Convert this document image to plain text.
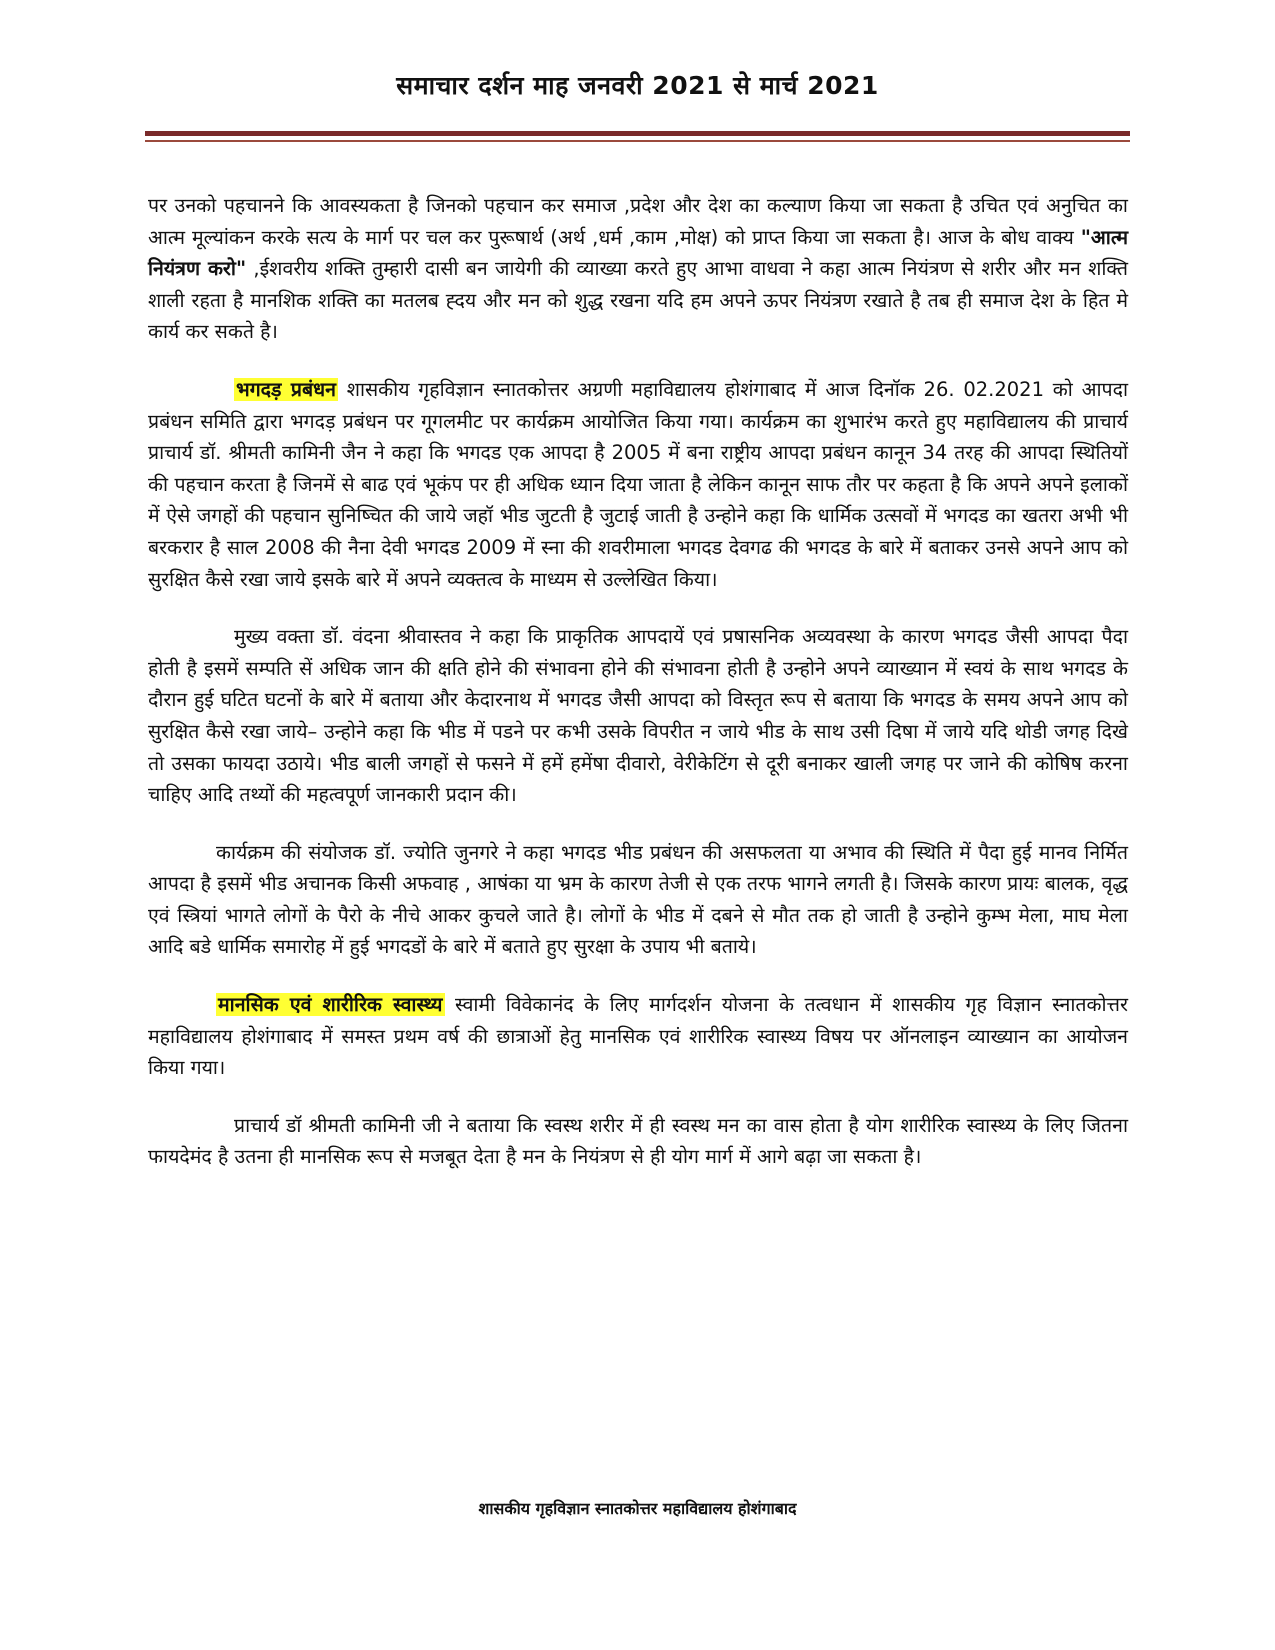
समाचार दर्शन माह जनवरी 2021 से मार्च 2021

पर उनको पहचानने कि आवस्यकता है जिनको पहचान कर समाज ,प्रदेश और देश का कल्याण किया जा सकता है उचित एवं अनुचित का आत्म मूल्यांकन करके सत्य के मार्ग पर चल कर पुरूषार्थ (अर्थ ,धर्म ,काम ,मोक्ष) को प्राप्त किया जा सकता है। आज के बोध वाक्य "आत्म नियंत्रण करो" ,ईशवरीय शक्ति तुम्हारी दासी बन जायेगी की व्याख्या करते हुए आभा वाधवा ने कहा आत्म नियंत्रण से शरीर और मन शक्ति शाली रहता है मानशिक शक्ति का मतलब ह्दय और मन को शुद्ध रखना यदि हम अपने ऊपर नियंत्रण रखाते है तब ही समाज देश के हित मे कार्य कर सकते है।

भगदड़ प्रबंधन शासकीय गृहविज्ञान स्नातकोत्तर अग्रणी महाविद्यालय होशंगाबाद में आज दिनॉक 26. 02.2021 को आपदा प्रबंधन समिति द्वारा भगदड़ प्रबंधन पर गूगलमीट पर कार्यक्रम आयोजित किया गया। कार्यक्रम का शुभारंभ करते हुए महाविद्यालय की प्राचार्य प्राचार्य डॉ. श्रीमती कामिनी जैन ने कहा कि भगदड एक आपदा है 2005 में बना राष्ट्रीय आपदा प्रबंधन कानून 34 तरह की आपदा स्थितियों की पहचान करता है जिनमें से बाढ एवं भूकंप पर ही अधिक ध्यान दिया जाता है लेकिन कानून साफ तौर पर कहता है कि अपने अपने इलाकों में ऐसे जगहों की पहचान सुनिष्चित की जाये जहॉ भीड जुटती है जुटाई जाती है उन्होने कहा कि धार्मिक उत्सवों में भगदड का खतरा अभी भी बरकरार है साल 2008 की नैना देवी भगदड 2009 में स्ना की शवरीमाला भगदड देवगढ की भगदड के बारे में बताकर उनसे अपने आप को सुरक्षित कैसे रखा जाये इसके बारे में अपने व्यक्तत्व के माध्यम से उल्लेखित किया।

मुख्य वक्ता डॉ. वंदना श्रीवास्तव ने कहा कि प्राकृतिक आपदायें एवं प्रषासनिक अव्यवस्था के कारण भगदड जैसी आपदा पैदा होती है इसमें सम्पति सें अधिक जान की क्षति होने की संभावना होने की संभावना होती है उन्होने अपने व्याख्यान में स्वयं के साथ भगदड के दौरान हुई घटित घटनों के बारे में बताया और केदारनाथ में भगदड जैसी आपदा को विस्तृत रूप से बताया कि भगदड के समय अपने आप को सुरक्षित कैसे रखा जाये– उन्होने कहा कि भीड में पडने पर कभी उसके विपरीत न जाये भीड के साथ उसी दिषा में जाये यदि थोडी जगह दिखे तो उसका फायदा उठाये। भीड बाली जगहों से फसने में हमें हमेंषा दीवारो, वेरीकेटिंग से दूरी बनाकर खाली जगह पर जाने की कोषिष करना चाहिए आदि तथ्यों की महत्वपूर्ण जानकारी प्रदान की।

कार्यक्रम की संयोजक डॉ. ज्योति जुनगरे ने कहा भगदड भीड प्रबंधन की असफलता या अभाव की स्थिति में पैदा हुई मानव निर्मित आपदा है इसमें भीड अचानक किसी अफवाह , आषंका या भ्रम के कारण तेजी से एक तरफ भागने लगती है। जिसके कारण प्रायः बालक, वृद्ध एवं स्त्रियां भागते लोगों के पैरो के नीचे आकर कुचले जाते है। लोगों के भीड में दबने से मौत तक हो जाती है उन्होने कुम्भ मेला, माघ मेला आदि बडे धार्मिक समारोह में हुई भगदडों के बारे में बताते हुए सुरक्षा के उपाय भी बताये।

मानसिक एवं शारीरिक स्वास्थ्य स्वामी विवेकानंद के लिए मार्गदर्शन योजना के तत्वधान में शासकीय गृह विज्ञान स्नातकोत्तर महाविद्यालय होशंगाबाद में समस्त प्रथम वर्ष की छात्राओं हेतु मानसिक एवं शारीरिक स्वास्थ्य विषय पर ऑनलाइन व्याख्यान का आयोजन किया गया।

प्राचार्य डॉ श्रीमती कामिनी जी ने बताया कि स्वस्थ शरीर में ही स्वस्थ मन का वास होता है योग शारीरिक स्वास्थ्य के लिए जितना फायदेमंद है उतना ही मानसिक रूप से मजबूत देता है मन के नियंत्रण से ही योग मार्ग में आगे बढ़ा जा सकता है।

शासकीय गृहविज्ञान स्नातकोत्तर महाविद्यालय होशंगाबाद
